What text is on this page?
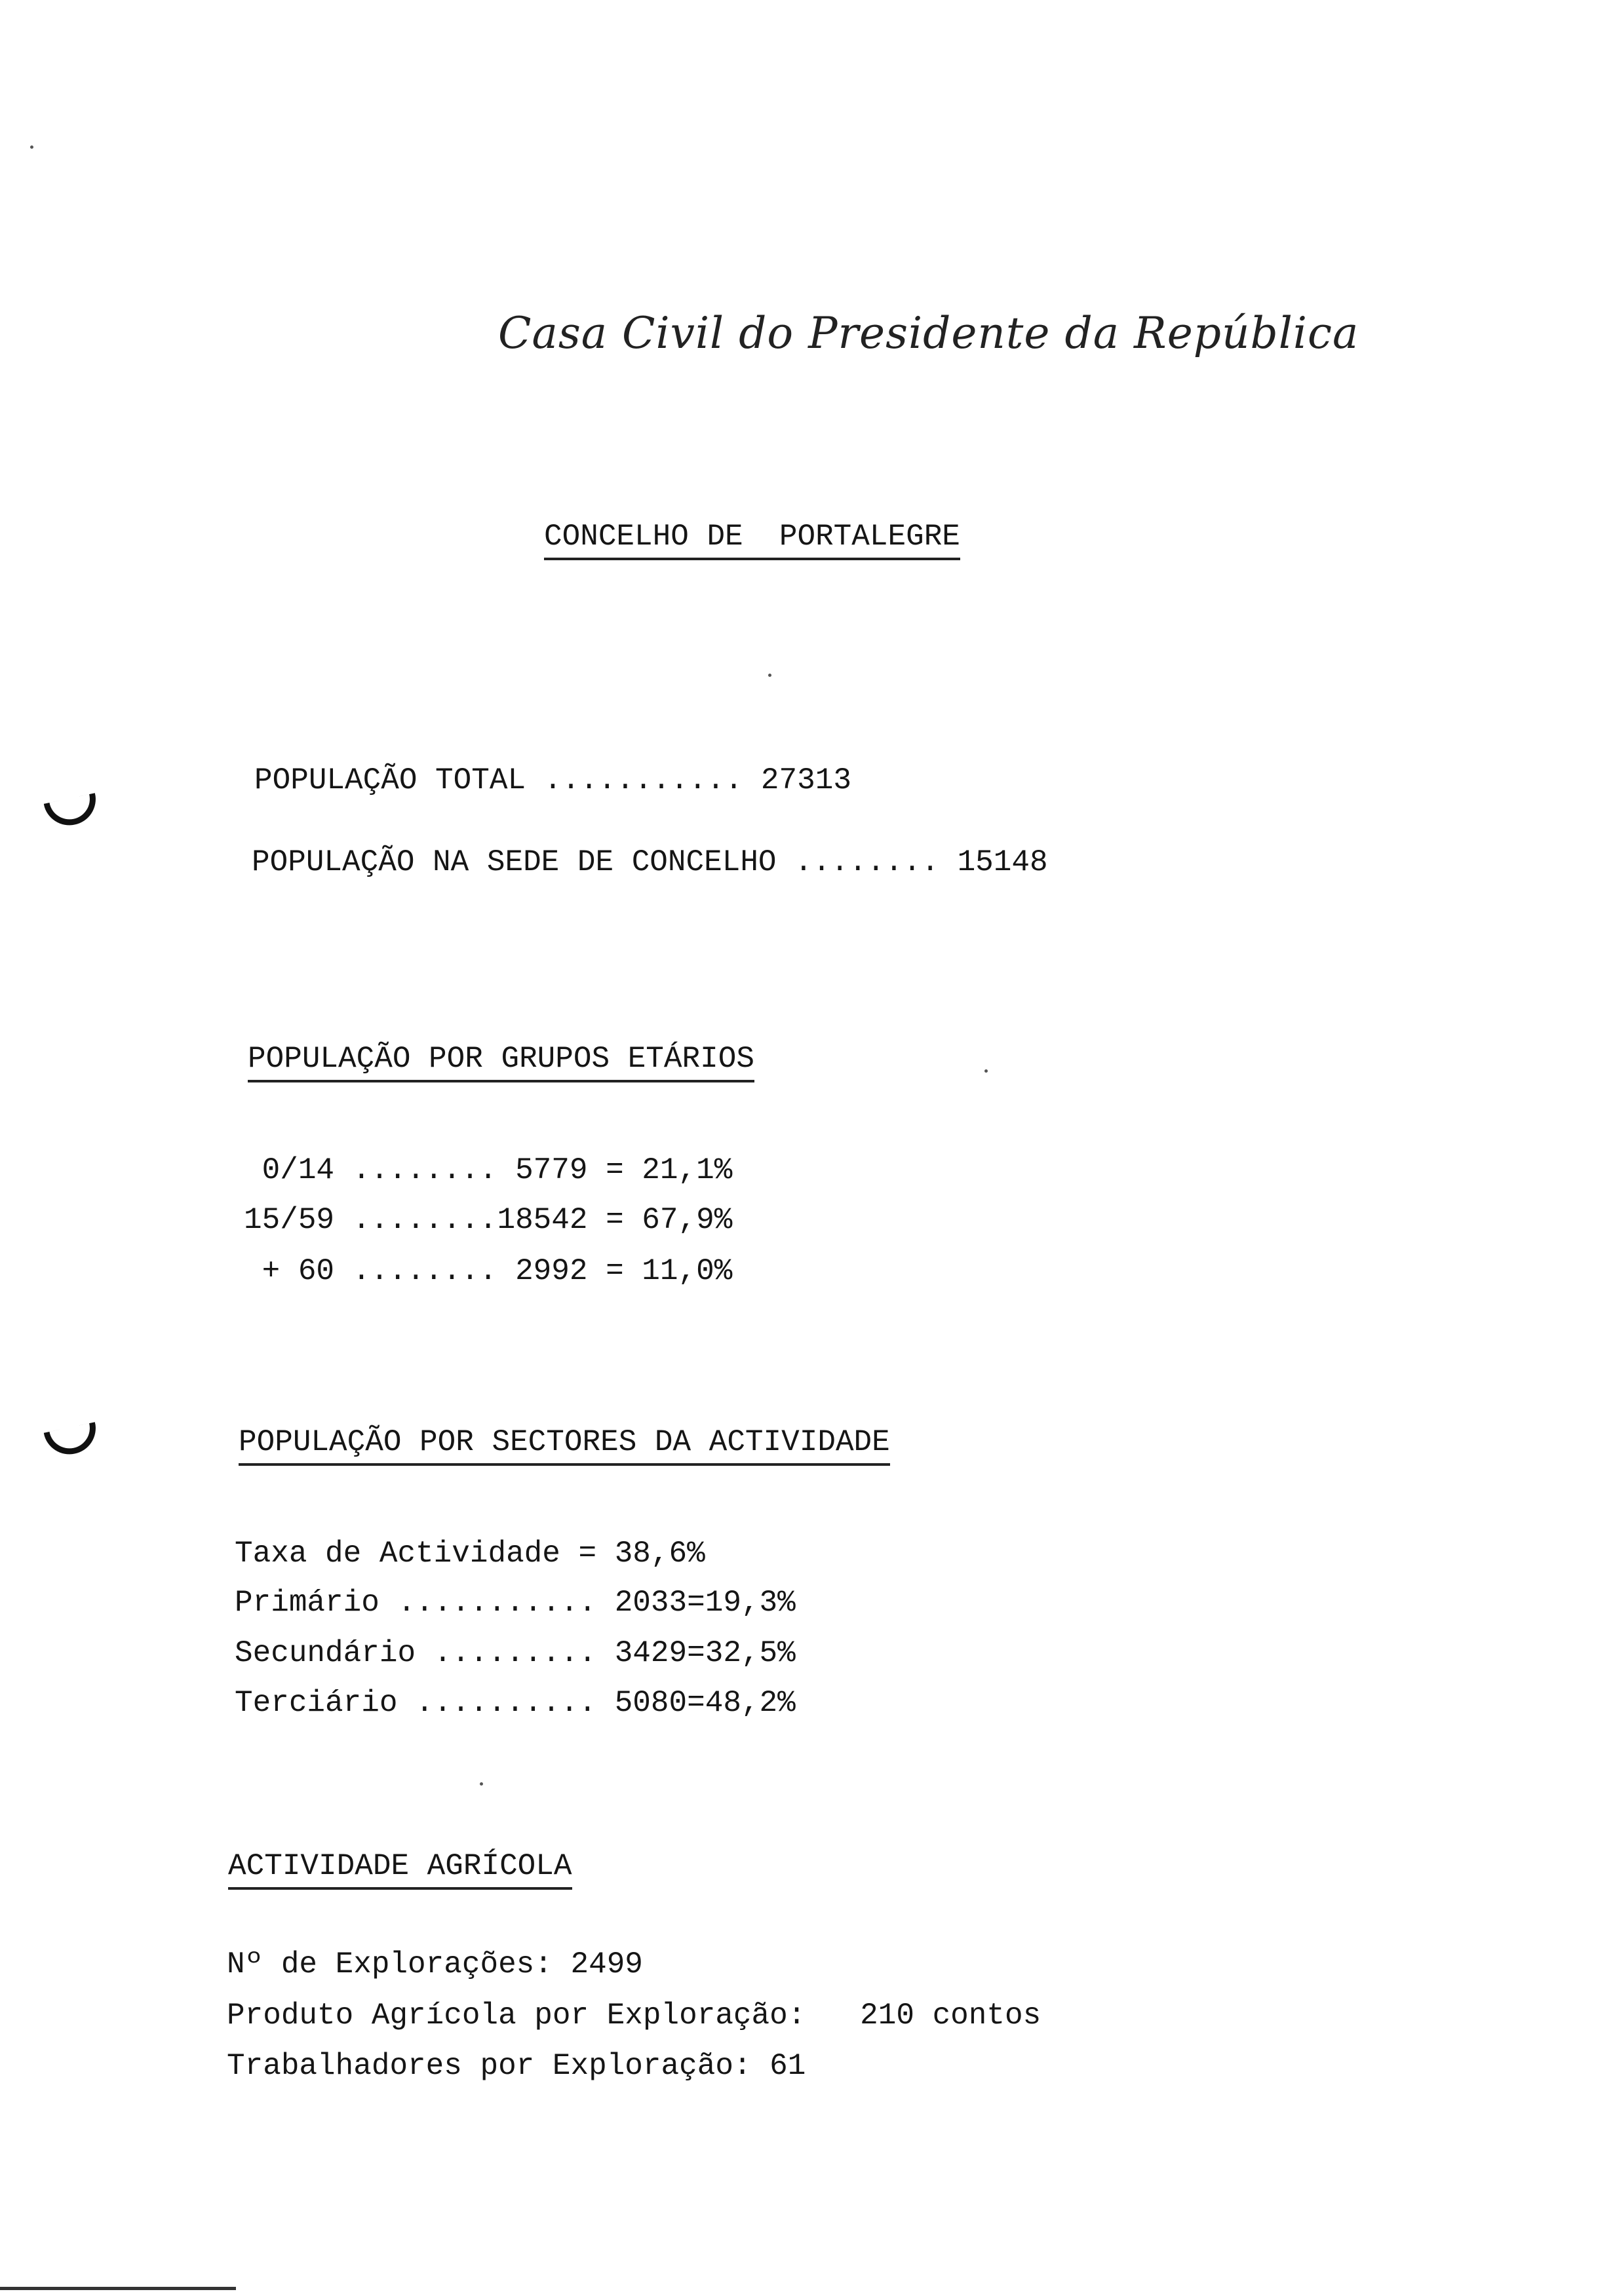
Casa Civil do Presidente da República
CONCELHO DE  PORTALEGRE
POPULAÇÃO TOTAL ........... 27313
POPULAÇÃO NA SEDE DE CONCELHO ........ 15148
POPULAÇÃO POR GRUPOS ETÁRIOS
0/14 ........ 5779 = 21,1%
15/59 ........18542 = 67,9%
+ 60 ........ 2992 = 11,0%
POPULAÇÃO POR SECTORES DA ACTIVIDADE
Taxa de Actividade = 38,6%
Primário ........... 2033=19,3%
Secundário ......... 3429=32,5%
Terciário .......... 5080=48,2%
ACTIVIDADE AGRÍCOLA
Nº de Explorações: 2499
Produto Agrícola por Exploração:   210 contos
Trabalhadores por Exploração: 61
